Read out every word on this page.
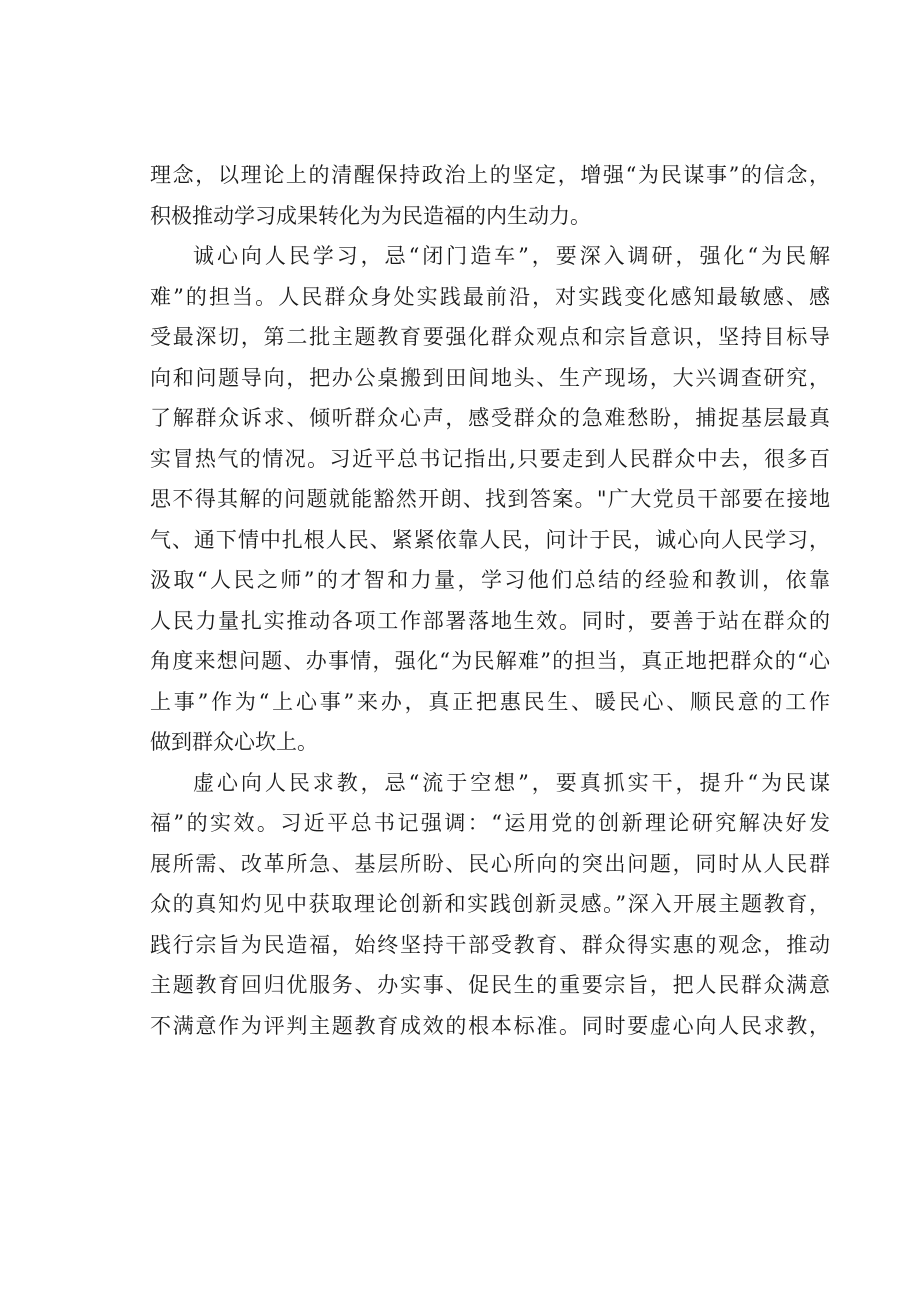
理念，以理论上的清醒保持政治上的坚定，增强“为民谋事”的信念，
积极推动学习成果转化为为民造福的内生动力。
诚心向人民学习，忌“闭门造车”，要深入调研，强化“为民解
难”的担当。人民群众身处实践最前沿，对实践变化感知最敏感、感
受最深切，第二批主题教育要强化群众观点和宗旨意识，坚持目标导
向和问题导向，把办公桌搬到田间地头、生产现场，大兴调查研究，
了解群众诉求、倾听群众心声，感受群众的急难愁盼，捕捉基层最真
实冒热气的情况。习近平总书记指出,只要走到人民群众中去，很多百
思不得其解的问题就能豁然开朗、找到答案。"广大党员干部要在接地
气、通下情中扎根人民、紧紧依靠人民，问计于民，诚心向人民学习，
汲取“人民之师”的才智和力量，学习他们总结的经验和教训，依靠
人民力量扎实推动各项工作部署落地生效。同时，要善于站在群众的
角度来想问题、办事情，强化“为民解难”的担当，真正地把群众的“心
上事”作为“上心事”来办，真正把惠民生、暖民心、顺民意的工作
做到群众心坎上。
虚心向人民求教，忌“流于空想”，要真抓实干，提升“为民谋
福”的实效。习近平总书记强调：“运用党的创新理论研究解决好发
展所需、改革所急、基层所盼、民心所向的突出问题，同时从人民群
众的真知灼见中获取理论创新和实践创新灵感。”深入开展主题教育，
践行宗旨为民造福，始终坚持干部受教育、群众得实惠的观念，推动
主题教育回归优服务、办实事、促民生的重要宗旨，把人民群众满意
不满意作为评判主题教育成效的根本标准。同时要虚心向人民求教，
